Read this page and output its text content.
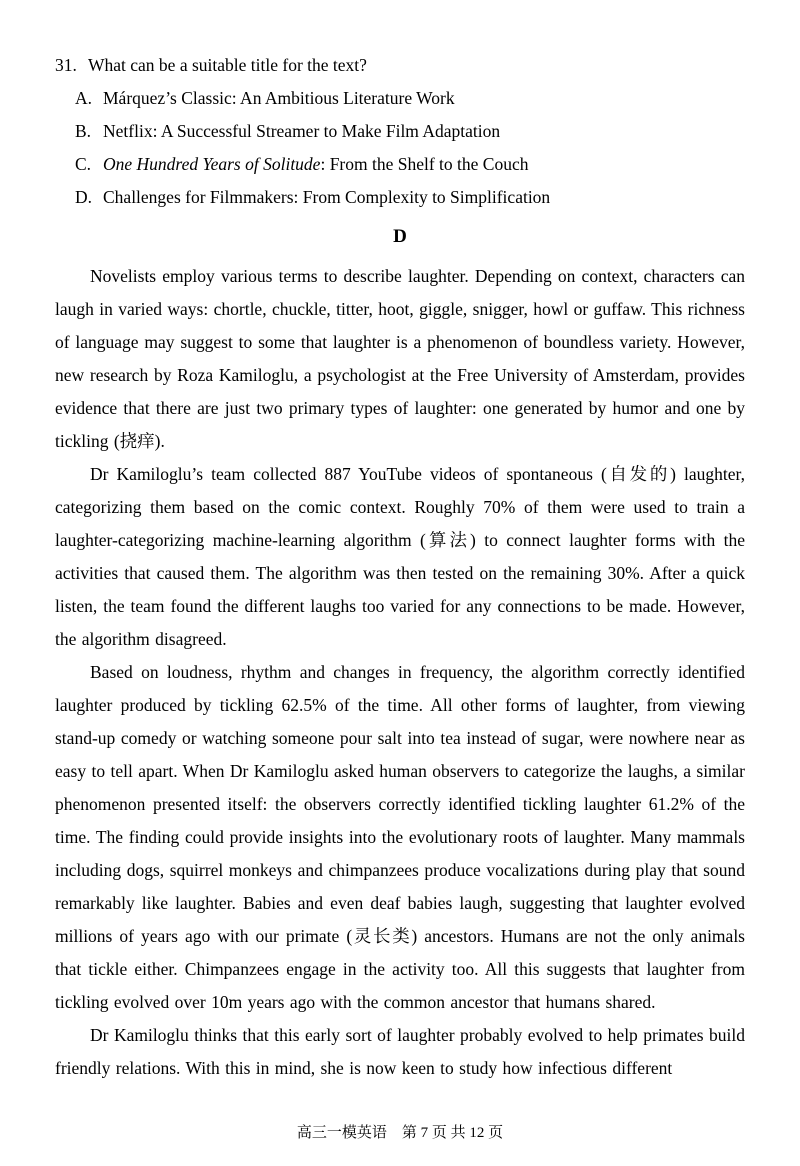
31. What can be a suitable title for the text?
A. Márquez’s Classic: An Ambitious Literature Work
B. Netflix: A Successful Streamer to Make Film Adaptation
C. One Hundred Years of Solitude: From the Shelf to the Couch
D. Challenges for Filmmakers: From Complexity to Simplification
D

Novelists employ various terms to describe laughter. Depending on context, characters can laugh in varied ways: chortle, chuckle, titter, hoot, giggle, snigger, howl or guffaw. This richness of language may suggest to some that laughter is a phenomenon of boundless variety. However, new research by Roza Kamiloglu, a psychologist at the Free University of Amsterdam, provides evidence that there are just two primary types of laughter: one generated by humor and one by tickling (挠痒).

Dr Kamiloglu’s team collected 887 YouTube videos of spontaneous (自发的) laughter, categorizing them based on the comic context. Roughly 70% of them were used to train a laughter-categorizing machine-learning algorithm (算法) to connect laughter forms with the activities that caused them. The algorithm was then tested on the remaining 30%. After a quick listen, the team found the different laughs too varied for any connections to be made. However, the algorithm disagreed.

Based on loudness, rhythm and changes in frequency, the algorithm correctly identified laughter produced by tickling 62.5% of the time. All other forms of laughter, from viewing stand-up comedy or watching someone pour salt into tea instead of sugar, were nowhere near as easy to tell apart. When Dr Kamiloglu asked human observers to categorize the laughs, a similar phenomenon presented itself: the observers correctly identified tickling laughter 61.2% of the time. The finding could provide insights into the evolutionary roots of laughter. Many mammals including dogs, squirrel monkeys and chimpanzees produce vocalizations during play that sound remarkably like laughter. Babies and even deaf babies laugh, suggesting that laughter evolved millions of years ago with our primate (灵长类) ancestors. Humans are not the only animals that tickle either. Chimpanzees engage in the activity too. All this suggests that laughter from tickling evolved over 10m years ago with the common ancestor that humans shared.

Dr Kamiloglu thinks that this early sort of laughter probably evolved to help primates build friendly relations. With this in mind, she is now keen to study how infectious different

高三一模英语　第 7 页 共 12 页
